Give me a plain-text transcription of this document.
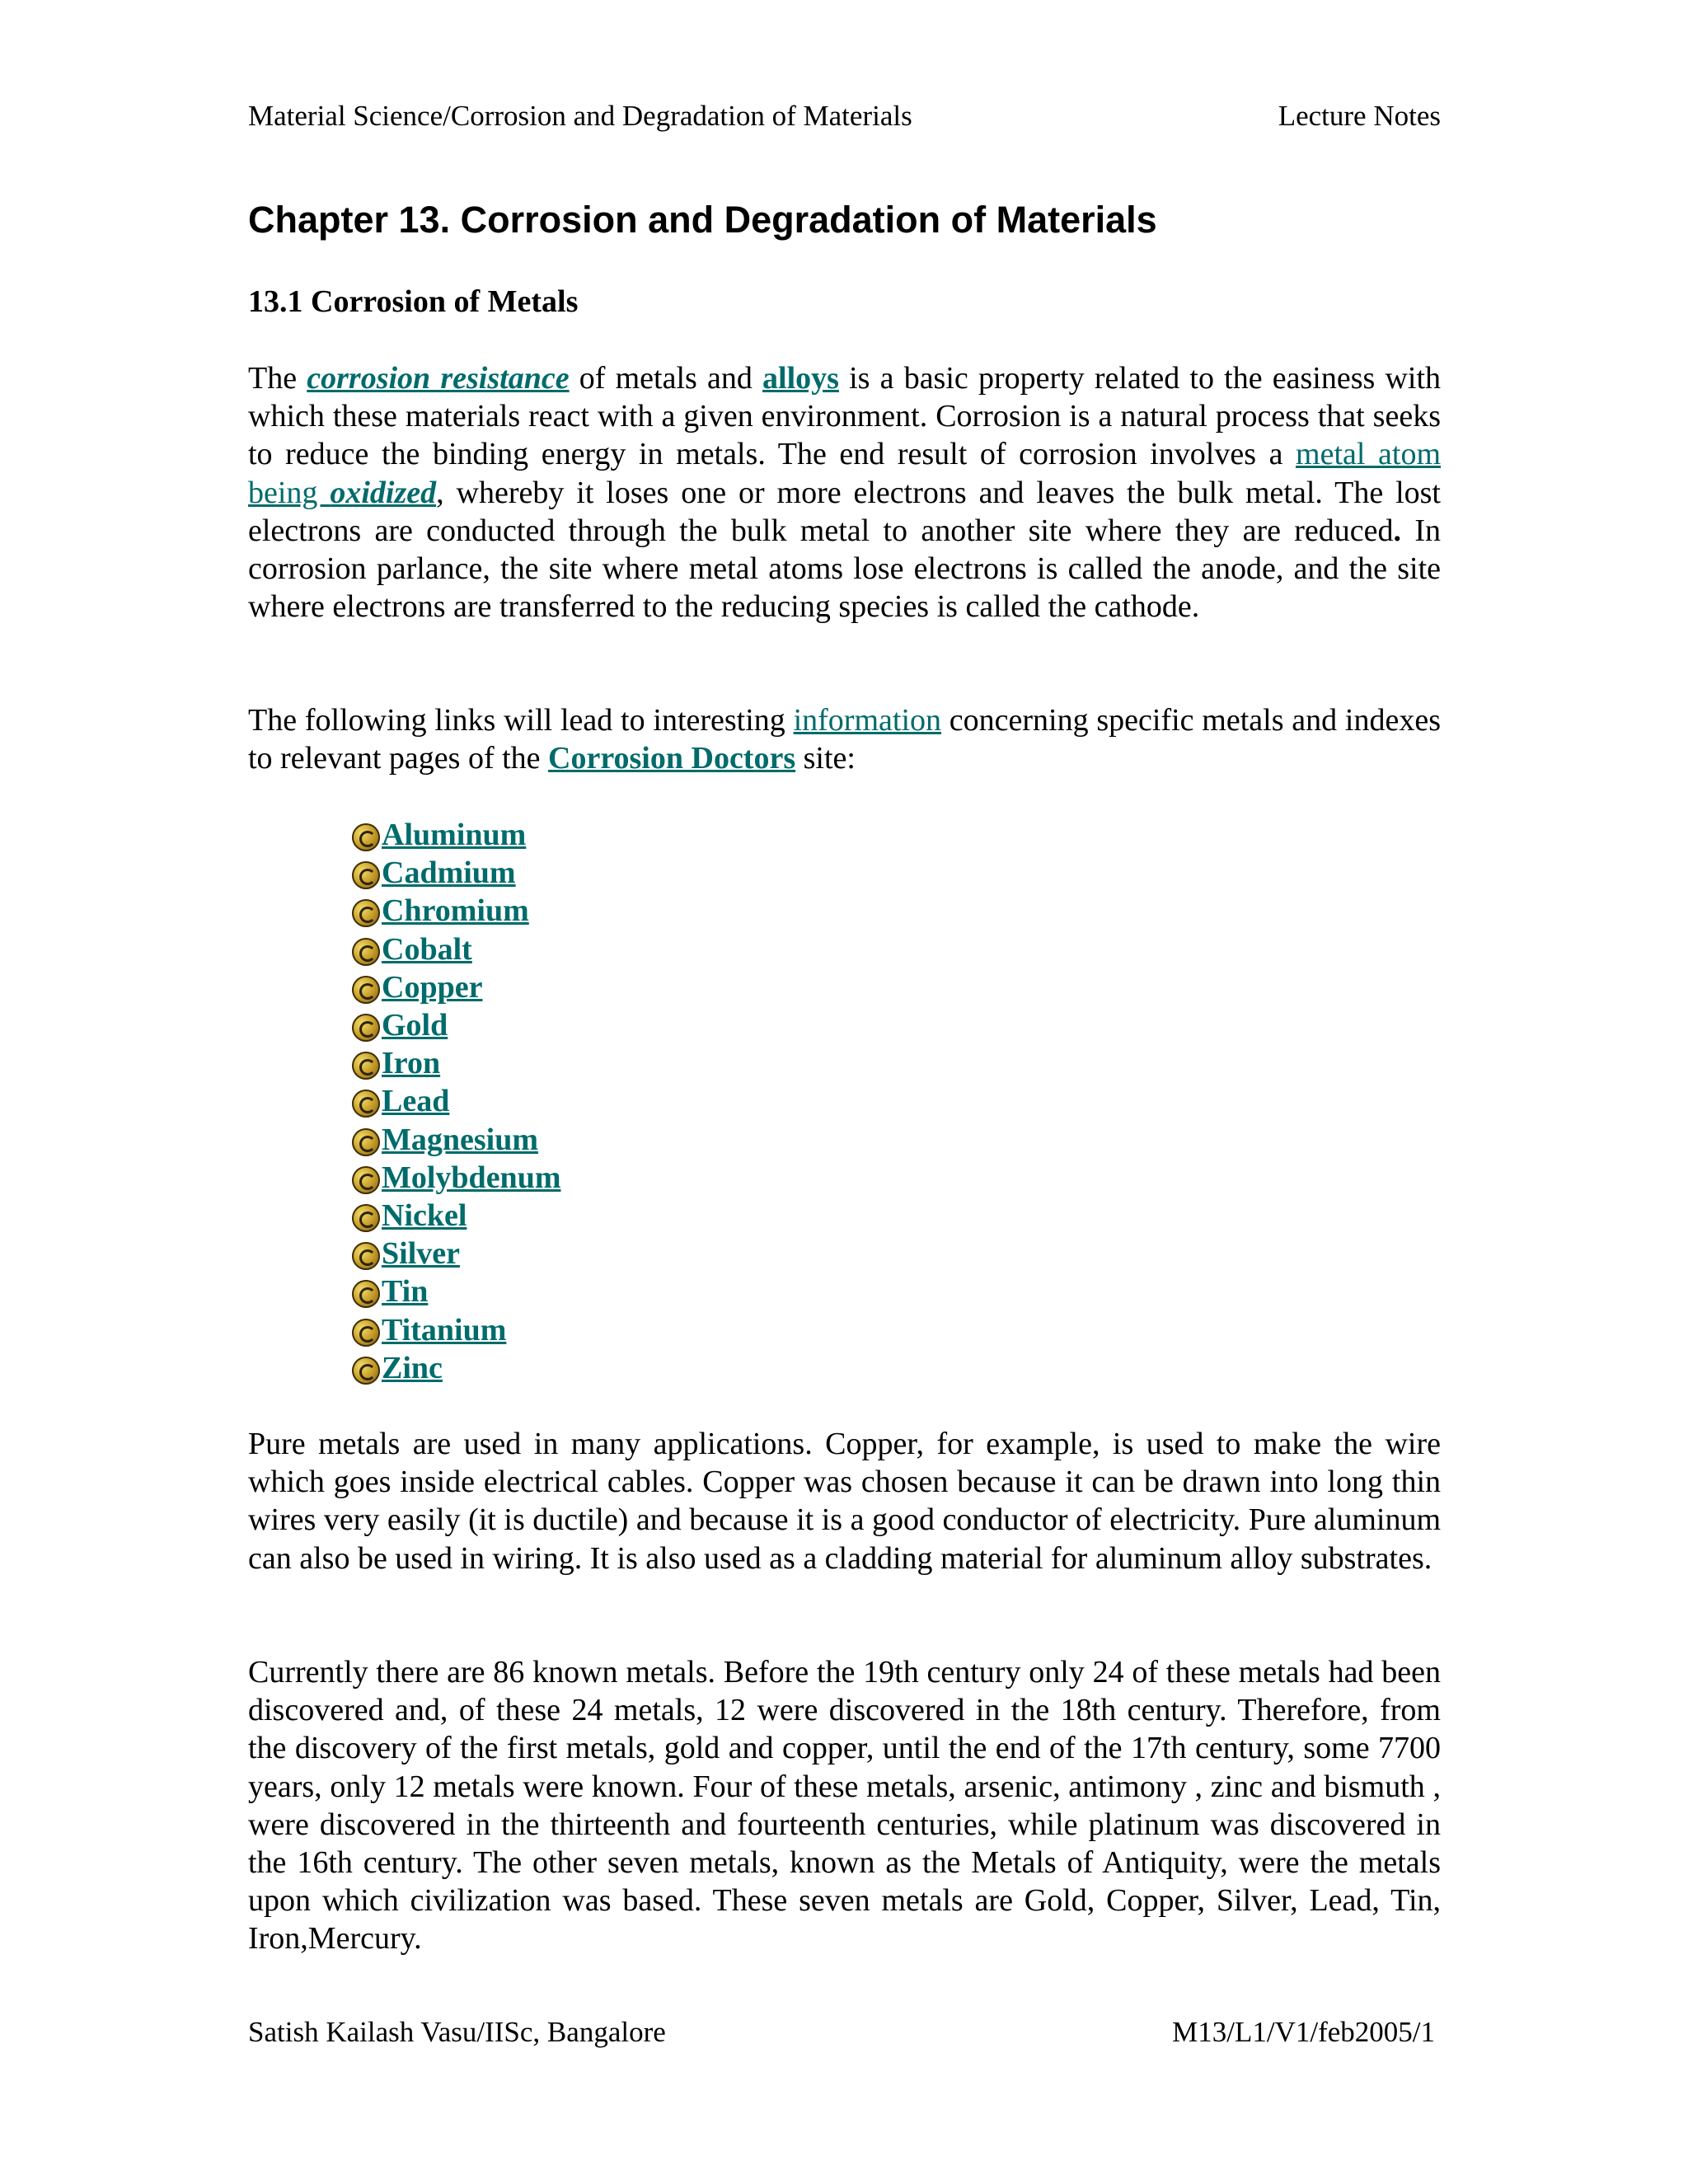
Material Science/Corrosion and Degradation of Materials	Lecture Notes
Chapter 13. Corrosion and Degradation of Materials
13.1 Corrosion of Metals

The corrosion resistance of metals and alloys is a basic property related to the easiness with which these materials react with a given environment. Corrosion is a natural process that seeks to reduce the binding energy in metals. The end result of corrosion involves a metal atom being oxidized, whereby it loses one or more electrons and leaves the bulk metal. The lost electrons are conducted through the bulk metal to another site where they are reduced. In corrosion parlance, the site where metal atoms lose electrons is called the anode, and the site where electrons are transferred to the reducing species is called the cathode.

The following links will lead to interesting information concerning specific metals and indexes to relevant pages of the Corrosion Doctors site:

Aluminum
Cadmium
Chromium
Cobalt
Copper
Gold
Iron
Lead
Magnesium
Molybdenum
Nickel
Silver
Tin
Titanium
Zinc

Pure metals are used in many applications. Copper, for example, is used to make the wire which goes inside electrical cables. Copper was chosen because it can be drawn into long thin wires very easily (it is ductile) and because it is a good conductor of electricity. Pure aluminum can also be used in wiring. It is also used as a cladding material for aluminum alloy substrates.

Currently there are 86 known metals. Before the 19th century only 24 of these metals had been discovered and, of these 24 metals, 12 were discovered in the 18th century. Therefore, from the discovery of the first metals, gold and copper, until the end of the 17th century, some 7700 years, only 12 metals were known. Four of these metals, arsenic, antimony , zinc and bismuth , were discovered in the thirteenth and fourteenth centuries, while platinum was discovered in the 16th century. The other seven metals, known as the Metals of Antiquity, were the metals upon which civilization was based. These seven metals are Gold, Copper, Silver, Lead, Tin, Iron,Mercury.

Satish Kailash Vasu/IISc, Bangalore	M13/L1/V1/feb2005/1
